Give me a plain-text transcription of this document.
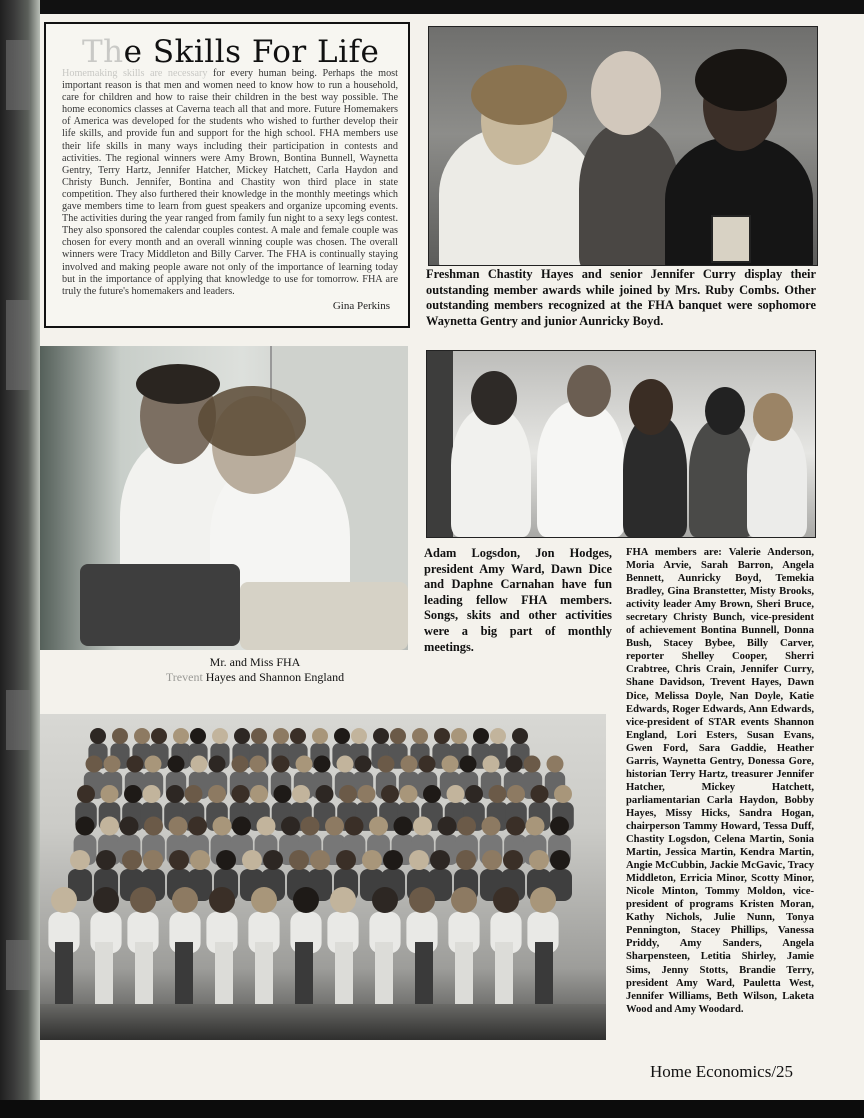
The Skills For Life

Homemaking skills are necessary for every human being. Perhaps the most important reason is that men and women need to know how to run a household, care for children and how to raise their children in the best way possible. The home economics classes at Caverna teach all that and more. Future Homemakers of America was developed for the students who wished to further develop their life skills, and provide fun and support for the high school. FHA members use their life skills in many ways including their participation in contests and activities. The regional winners were Amy Brown, Bontina Bunnell, Waynetta Gentry, Terry Hartz, Jennifer Hatcher, Mickey Hatchett, Carla Haydon and Christy Bunch. Jennifer, Bontina and Chastity won third place in state competition. They also furthered their knowledge in the monthly meetings which gave members time to learn from guest speakers and organize upcoming events. The activities during the year ranged from family fun night to a sexy legs contest. They also sponsored the calendar couples contest. A male and female couple was chosen for every month and an overall winning couple was chosen. The overall winners were Tracy Middleton and Billy Carver. The FHA is continually staying involved and making people aware not only of the importance of learning today but in the importance of applying that knowledge to use for tomorrow. FHA are truly the future's homemakers and leaders.

Gina Perkins
Freshman Chastity Hayes and senior Jennifer Curry display their outstanding member awards while joined by Mrs. Ruby Combs. Other outstanding members recognized at the FHA banquet were sophomore Waynetta Gentry and junior Aunricky Boyd.
Mr. and Miss FHA
Trevent Hayes and Shannon England
Adam Logsdon, Jon Hodges, president Amy Ward, Dawn Dice and Daphne Carnahan have fun leading fellow FHA members. Songs, skits and other activities were a big part of monthly meetings.
FHA members are: Valerie Anderson, Moria Arvie, Sarah Barron, Angela Bennett, Aunricky Boyd, Temekia Bradley, Gina Branstetter, Misty Brooks, activity leader Amy Brown, Sheri Bruce, secretary Christy Bunch, vice-president of achievement Bontina Bunnell, Donna Bush, Stacey Bybee, Billy Carver, reporter Shelley Cooper, Sherri Crabtree, Chris Crain, Jennifer Curry, Shane Davidson, Trevent Hayes, Dawn Dice, Melissa Doyle, Nan Doyle, Katie Edwards, Roger Edwards, Ann Edwards, vice-president of STAR events Shannon England, Lori Esters, Susan Evans, Gwen Ford, Sara Gaddie, Heather Garris, Waynetta Gentry, Donessa Gore, historian Terry Hartz, treasurer Jennifer Hatcher, Mickey Hatchett, parliamentarian Carla Haydon, Bobby Hayes, Missy Hicks, Sandra Hogan, chairperson Tammy Howard, Tessa Duff, Chastity Logsdon, Celena Martin, Sonia Martin, Jessica Martin, Kendra Martin, Angie McCubbin, Jackie McGavic, Tracy Middleton, Erricia Minor, Scotty Minor, Nicole Minton, Tommy Moldon, vice-president of programs Kristen Moran, Kathy Nichols, Julie Nunn, Tonya Pennington, Stacey Phillips, Vanessa Priddy, Amy Sanders, Angela Sharpensteen, Letitia Shirley, Jamie Sims, Jenny Stotts, Brandie Terry, president Amy Ward, Pauletta West, Jennifer Williams, Beth Wilson, Laketa Wood and Amy Woodard.
Home Economics/25
